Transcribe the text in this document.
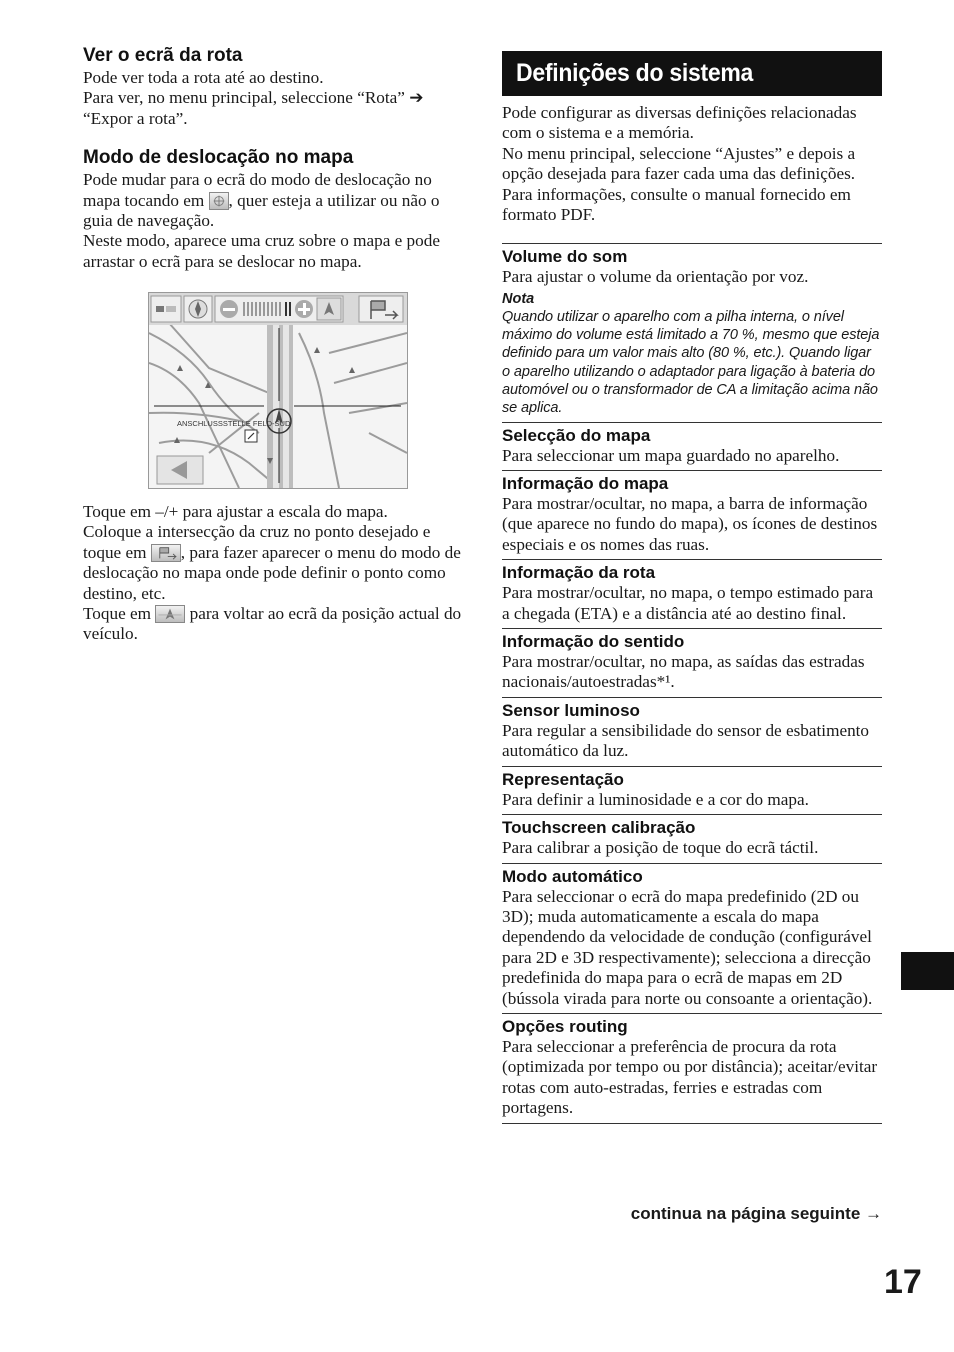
Ver o ecrã da rota

Pode ver toda a rota até ao destino.

Para ver, no menu principal, seleccione “Rota” ➔

“Expor a rota”.

Modo de deslocação no mapa

Pode mudar para o ecrã do modo de deslocação no mapa tocando em
, quer esteja a utilizar ou não o guia de navegação.

Neste modo, aparece uma cruz sobre o mapa e pode arrastar o ecrã para se deslocar no mapa.

ANSCHLUSSSTELLE FELD-SUD

Toque em –/+ para ajustar a escala do mapa.

Coloque a intersecção da cruz no ponto desejado e toque em
, para fazer aparecer o menu do modo de deslocação no mapa onde pode definir o ponto como destino, etc.

Toque em
para voltar ao ecrã da posição actual do veículo.

Definições do sistema

Pode configurar as diversas definições relacionadas com o sistema e a memória.

No menu principal, seleccione “Ajustes” e depois a opção desejada para fazer cada uma das definições.

Para informações, consulte o manual fornecido em formato PDF.

Volume do som

Para ajustar o volume da orientação por voz.

Nota

Quando utilizar o aparelho com a pilha interna, o nível máximo do volume está limitado a 70 %, mesmo que esteja definido para um valor mais alto (80 %, etc.). Quando ligar o aparelho utilizando o adaptador para ligação à bateria do automóvel ou o transformador de CA a limitação acima não se aplica.

Selecção do mapa

Para seleccionar um mapa guardado no aparelho.

Informação do mapa

Para mostrar/ocultar, no mapa, a barra de informação (que aparece no fundo do mapa), os ícones de destinos especiais e os nomes das ruas.

Informação da rota

Para mostrar/ocultar, no mapa, o tempo estimado para a chegada (ETA) e a distância até ao destino final.

Informação do sentido

Para mostrar/ocultar, no mapa, as saídas das estradas nacionais/autoestradas*¹.

Sensor luminoso

Para regular a sensibilidade do sensor de esbatimento automático da luz.

Representação

Para definir a luminosidade e a cor do mapa.

Touchscreen calibração

Para calibrar a posição de toque do ecrã táctil.

Modo automático

Para seleccionar o ecrã do mapa predefinido (2D ou 3D); muda automaticamente a escala do mapa dependendo da velocidade de condução (configurável para 2D e 3D respectivamente); selecciona a direcção predefinida do mapa para o ecrã de mapas em 2D (bússola virada para norte ou consoante a orientação).

Opções routing

Para seleccionar a preferência de procura da rota (optimizada por tempo ou por distância); aceitar/evitar rotas com auto-estradas, ferries e estradas com portagens.

continua na página seguinte →
17
